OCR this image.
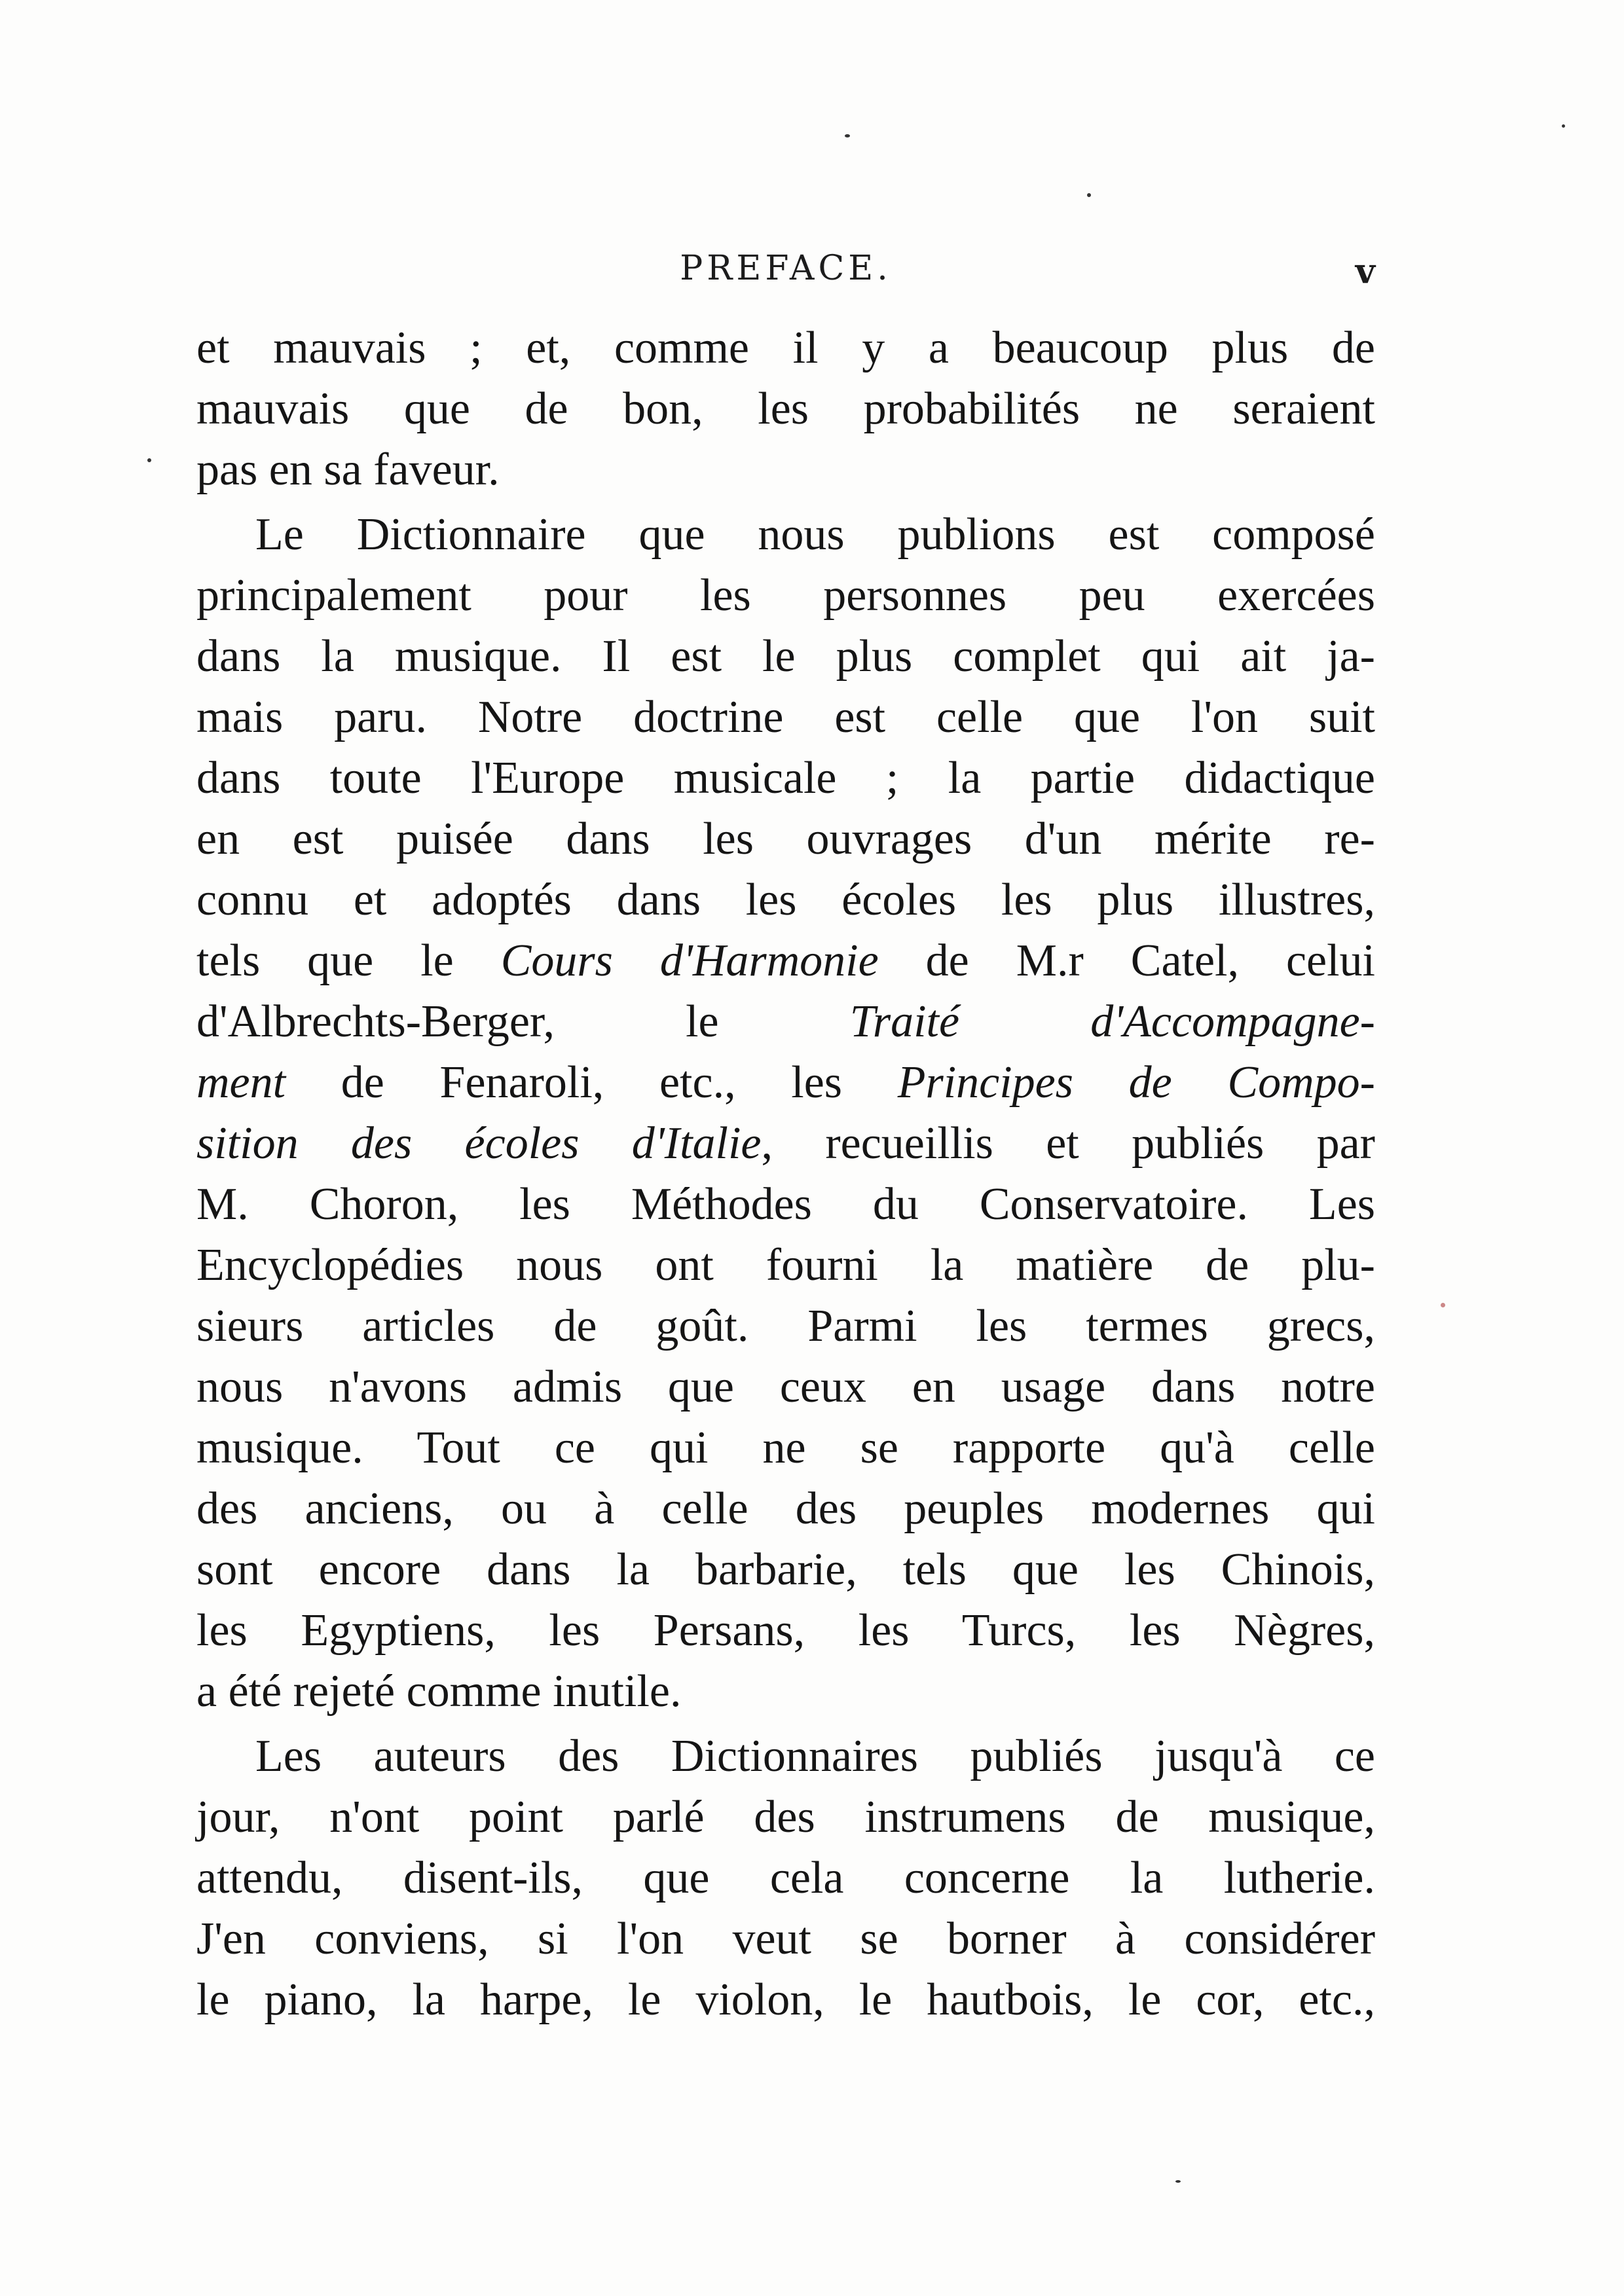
PREFACE.	v
et mauvais ; et, comme il y a beaucoup plus de
mauvais que de bon, les probabilités ne seraient
pas en sa faveur.
Le Dictionnaire que nous publions est composé
principalement pour les personnes peu exercées
dans la musique. Il est le plus complet qui ait ja-
mais paru. Notre doctrine est celle que l'on suit
dans toute l'Europe musicale ; la partie didactique
en est puisée dans les ouvrages d'un mérite re-
connu et adoptés dans les écoles les plus illustres,
tels que le Cours d'Harmonie de M.r Catel, celui
d'Albrechts-Berger, le Traité d'Accompagne-
ment de Fenaroli, etc., les Principes de Compo-
sition des écoles d'Italie, recueillis et publiés par
M. Choron, les Méthodes du Conservatoire. Les
Encyclopédies nous ont fourni la matière de plu-
sieurs articles de goût. Parmi les termes grecs,
nous n'avons admis que ceux en usage dans notre
musique. Tout ce qui ne se rapporte qu'à celle
des anciens, ou à celle des peuples modernes qui
sont encore dans la barbarie, tels que les Chinois,
les Egyptiens, les Persans, les Turcs, les Nègres,
a été rejeté comme inutile.
Les auteurs des Dictionnaires publiés jusqu'à ce
jour, n'ont point parlé des instrumens de musique,
attendu, disent-ils, que cela concerne la lutherie.
J'en conviens, si l'on veut se borner à considérer
le piano, la harpe, le violon, le hautbois, le cor, etc.,
